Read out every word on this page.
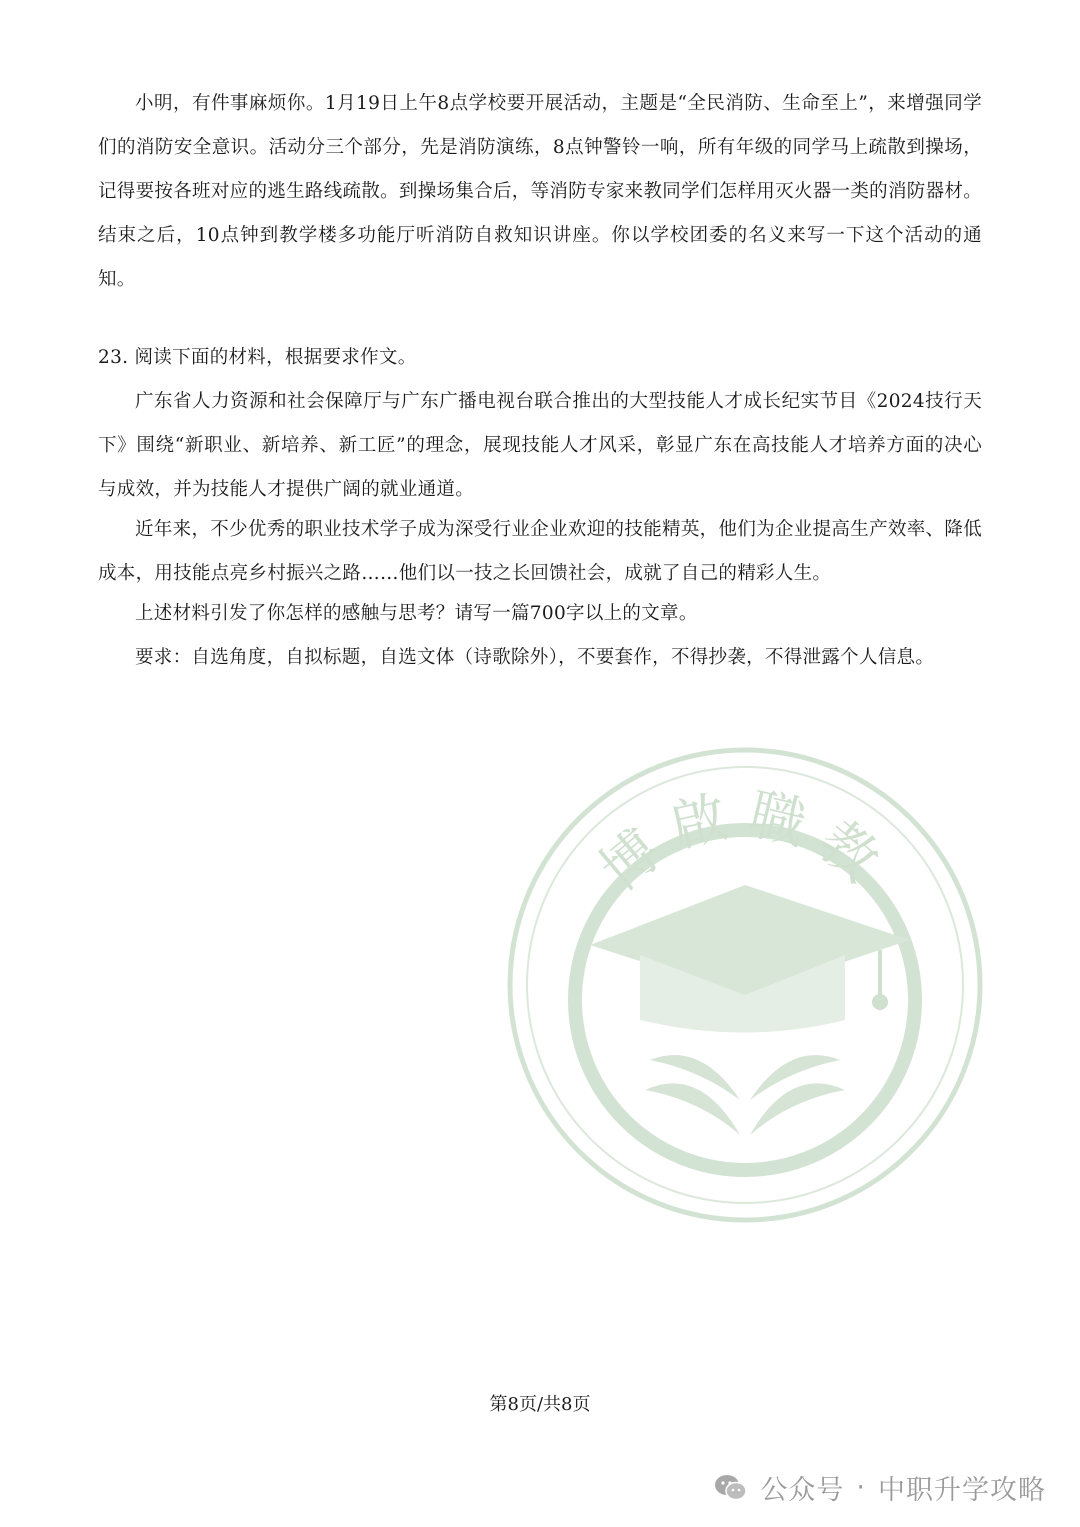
小明，有件事麻烦你。1月19日上午8点学校要开展活动，主题是“全民消防、生命至上”，来增强同学们的消防安全意识。活动分三个部分，先是消防演练，8点钟警铃一响，所有年级的同学马上疏散到操场，记得要按各班对应的逃生路线疏散。到操场集合后，等消防专家来教同学们怎样用灭火器一类的消防器材。结束之后，10点钟到教学楼多功能厅听消防自救知识讲座。你以学校团委的名义来写一下这个活动的通知。

23. 阅读下面的材料，根据要求作文。

广东省人力资源和社会保障厅与广东广播电视台联合推出的大型技能人才成长纪实节目《2024技行天下》围绕“新职业、新培养、新工匠”的理念，展现技能人才风采，彰显广东在高技能人才培养方面的决心与成效，并为技能人才提供广阔的就业通道。

近年来，不少优秀的职业技术学子成为深受行业企业欢迎的技能精英，他们为企业提高生产效率、降低成本，用技能点亮乡村振兴之路……他们以一技之长回馈社会，成就了自己的精彩人生。

上述材料引发了你怎样的感触与思考？请写一篇700字以上的文章。

要求：自选角度，自拟标题，自选文体（诗歌除外），不要套作，不得抄袭，不得泄露个人信息。

博啟職教
第8页/共8页
公众号 · 中职升学攻略
